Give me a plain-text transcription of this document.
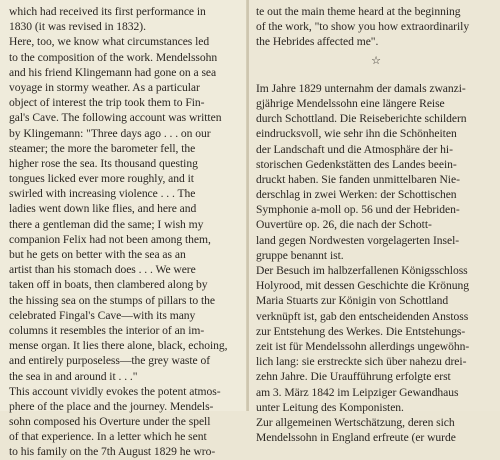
which had received its first performance in
1830 (it was revised in 1832).
Here, too, we know what circumstances led
to the composition of the work. Mendelssohn
and his friend Klingemann had gone on a sea
voyage in stormy weather. As a particular
object of interest the trip took them to Fin-
gal's Cave. The following account was written
by Klingemann: "Three days ago . . . on our
steamer; the more the barometer fell, the
higher rose the sea. Its thousand questing
tongues licked ever more roughly, and it
swirled with increasing violence . . . The
ladies went down like flies, and here and
there a gentleman did the same; I wish my
companion Felix had not been among them,
but he gets on better with the sea as an
artist than his stomach does . . . We were
taken off in boats, then clambered along by
the hissing sea on the stumps of pillars to the
celebrated Fingal's Cave—with its many
columns it resembles the interior of an im-
mense organ. It lies there alone, black, echoing,
and entirely purposeless—the grey waste of
the sea in and around it . . ."
This account vividly evokes the potent atmos-
phere of the place and the journey. Mendels-
sohn composed his Overture under the spell
of that experience. In a letter which he sent
to his family on the 7th August 1829 he wro-
te out the main theme heard at the beginning
of the work, "to show you how extraordinarily
the Hebrides affected me".
☆
Im Jahre 1829 unternahm der damals zwanzi-
gjährige Mendelssohn eine längere Reise
durch Schottland. Die Reiseberichte schildern
eindrucksvoll, wie sehr ihn die Schönheiten
der Landschaft und die Atmosphäre der hi-
storischen Gedenkstätten des Landes beein-
druckt haben. Sie fanden unmittelbaren Nie-
derschlag in zwei Werken: der Schottischen
Symphonie a-moll op. 56 und der Hebriden-
Ouvertüre op. 26, die nach der Schott-
land gegen Nordwesten vorgelagerten Insel-
gruppe benannt ist.
Der Besuch im halbzerfallenen Königsschloss
Holyrood, mit dessen Geschichte die Krönung
Maria Stuarts zur Königin von Schottland
verknüpft ist, gab den entscheidenden Anstoss
zur Entstehung des Werkes. Die Entstehungs-
zeit ist für Mendelssohn allerdings ungewöhn-
lich lang: sie erstreckte sich über nahezu drei-
zehn Jahre. Die Uraufführung erfolgte erst
am 3. März 1842 im Leipziger Gewandhaus
unter Leitung des Komponisten.
Zur allgemeinen Wertschätzung, deren sich
Mendelssohn in England erfreute (er wurde
